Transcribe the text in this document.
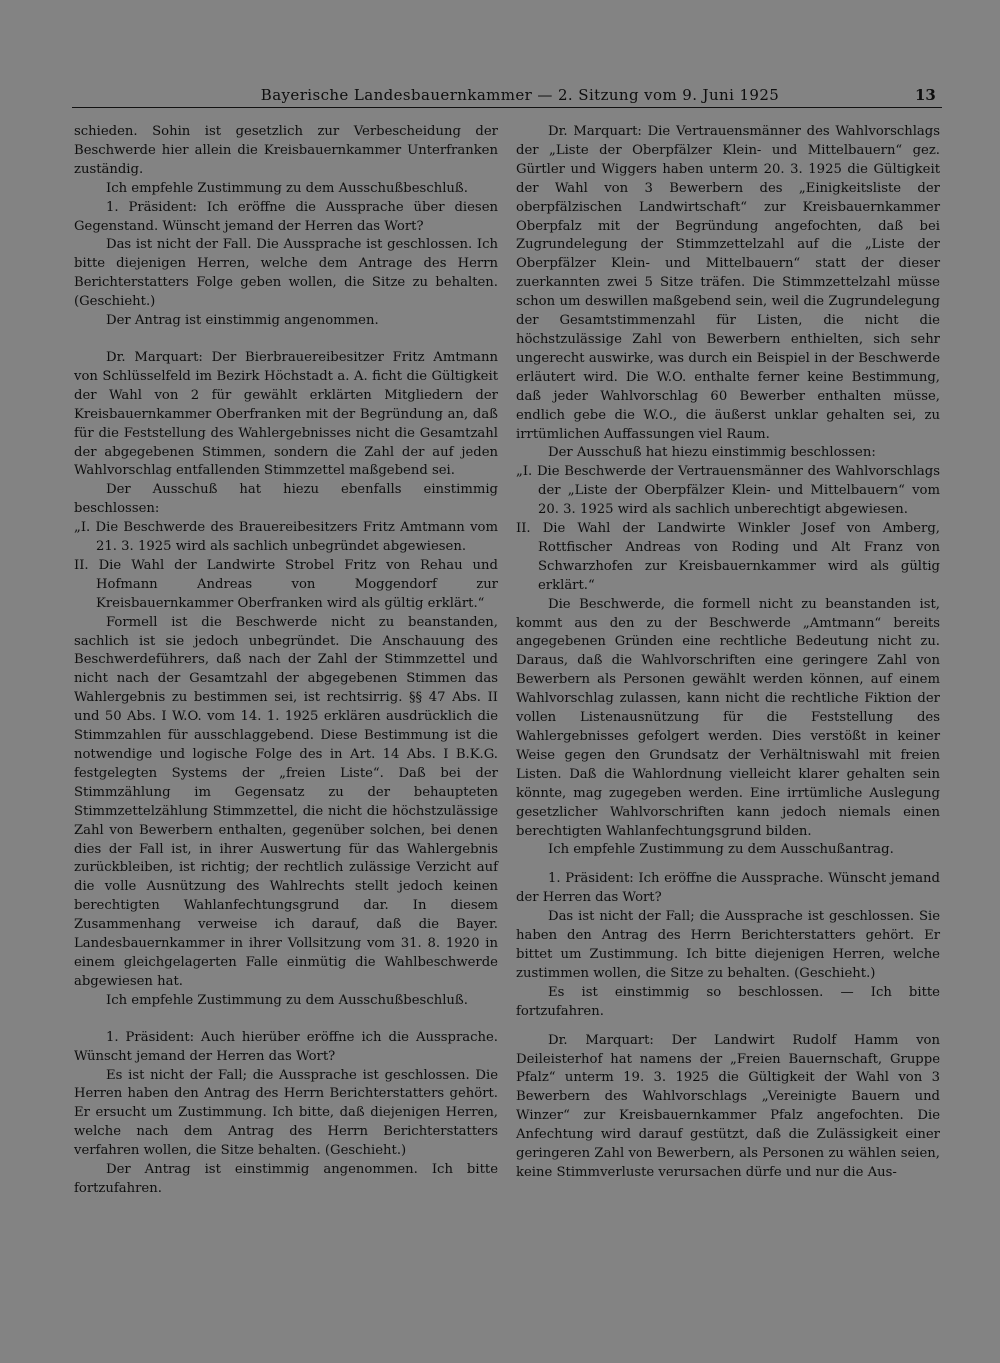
Bayerische Landesbauernkammer — 2. Sitzung vom 9. Juni 1925	13

schieden. Sohin ist gesetzlich zur Verbescheidung der Beschwerde hier allein die Kreisbauernkammer Unterfranken zuständig.

Ich empfehle Zustimmung zu dem Ausschußbeschluß.

1. Präsident: Ich eröffne die Aussprache über diesen Gegenstand. Wünscht jemand der Herren das Wort?

Das ist nicht der Fall. Die Aussprache ist geschlossen. Ich bitte diejenigen Herren, welche dem Antrage des Herrn Berichterstatters Folge geben wollen, die Sitze zu behalten. (Geschieht.)

Der Antrag ist einstimmig angenommen.

Dr. Marquart: Der Bierbrauereibesitzer Fritz Amtmann von Schlüsselfeld im Bezirk Höchstadt a. A. ficht die Gültigkeit der Wahl von 2 für gewählt erklärten Mitgliedern der Kreisbauernkammer Oberfranken mit der Begründung an, daß für die Feststellung des Wahlergebnisses nicht die Gesamtzahl der abgegebenen Stimmen, sondern die Zahl der auf jeden Wahlvorschlag entfallenden Stimmzettel maßgebend sei.

Der Ausschuß hat hiezu ebenfalls einstimmig beschlossen:

„I. Die Beschwerde des Brauereibesitzers Fritz Amtmann vom 21. 3. 1925 wird als sachlich unbegründet abgewiesen.

II. Die Wahl der Landwirte Strobel Fritz von Rehau und Hofmann Andreas von Moggendorf zur Kreisbauernkammer Oberfranken wird als gültig erklärt.“

Formell ist die Beschwerde nicht zu beanstanden, sachlich ist sie jedoch unbegründet. Die Anschauung des Beschwerdeführers, daß nach der Zahl der Stimmzettel und nicht nach der Gesamtzahl der abgegebenen Stimmen das Wahlergebnis zu bestimmen sei, ist rechtsirrig. §§ 47 Abs. II und 50 Abs. I W.O. vom 14. 1. 1925 erklären ausdrücklich die Stimmzahlen für ausschlaggebend. Diese Bestimmung ist die notwendige und logische Folge des in Art. 14 Abs. I B.K.G. festgelegten Systems der „freien Liste“. Daß bei der Stimmzählung im Gegensatz zu der behaupteten Stimmzettelzählung Stimmzettel, die nicht die höchstzulässige Zahl von Bewerbern enthalten, gegenüber solchen, bei denen dies der Fall ist, in ihrer Auswertung für das Wahlergebnis zurückbleiben, ist richtig; der rechtlich zulässige Verzicht auf die volle Ausnützung des Wahlrechts stellt jedoch keinen berechtigten Wahlanfechtungsgrund dar. In diesem Zusammenhang verweise ich darauf, daß die Bayer. Landesbauernkammer in ihrer Vollsitzung vom 31. 8. 1920 in einem gleichgelagerten Falle einmütig die Wahlbeschwerde abgewiesen hat.

Ich empfehle Zustimmung zu dem Ausschußbeschluß.

1. Präsident: Auch hierüber eröffne ich die Aussprache. Wünscht jemand der Herren das Wort?

Es ist nicht der Fall; die Aussprache ist geschlossen. Die Herren haben den Antrag des Herrn Berichterstatters gehört. Er ersucht um Zustimmung. Ich bitte, daß diejenigen Herren, welche nach dem Antrag des Herrn Berichterstatters verfahren wollen, die Sitze behalten. (Geschieht.)

Der Antrag ist einstimmig angenommen. Ich bitte fortzufahren.

Dr. Marquart: Die Vertrauensmänner des Wahlvorschlags der „Liste der Oberpfälzer Klein- und Mittelbauern“ gez. Gürtler und Wiggers haben unterm 20. 3. 1925 die Gültigkeit der Wahl von 3 Bewerbern des „Einigkeitsliste der oberpfälzischen Landwirtschaft“ zur Kreisbauernkammer Oberpfalz mit der Begründung angefochten, daß bei Zugrundelegung der Stimmzettelzahl auf die „Liste der Oberpfälzer Klein- und Mittelbauern“ statt der dieser zuerkannten zwei 5 Sitze träfen. Die Stimmzettelzahl müsse schon um deswillen maßgebend sein, weil die Zugrundelegung der Gesamtstimmenzahl für Listen, die nicht die höchstzulässige Zahl von Bewerbern enthielten, sich sehr ungerecht auswirke, was durch ein Beispiel in der Beschwerde erläutert wird. Die W.O. enthalte ferner keine Bestimmung, daß jeder Wahlvorschlag 60 Bewerber enthalten müsse, endlich gebe die W.O., die äußerst unklar gehalten sei, zu irrtümlichen Auffassungen viel Raum.

Der Ausschuß hat hiezu einstimmig beschlossen:

„I. Die Beschwerde der Vertrauensmänner des Wahlvorschlags der „Liste der Oberpfälzer Klein- und Mittelbauern“ vom 20. 3. 1925 wird als sachlich unberechtigt abgewiesen.

II. Die Wahl der Landwirte Winkler Josef von Amberg, Rottfischer Andreas von Roding und Alt Franz von Schwarzhofen zur Kreisbauernkammer wird als gültig erklärt.“

Die Beschwerde, die formell nicht zu beanstanden ist, kommt aus den zu der Beschwerde „Amtmann“ bereits angegebenen Gründen eine rechtliche Bedeutung nicht zu. Daraus, daß die Wahlvorschriften eine geringere Zahl von Bewerbern als Personen gewählt werden können, auf einem Wahlvorschlag zulassen, kann nicht die rechtliche Fiktion der vollen Listenausnützung für die Feststellung des Wahlergebnisses gefolgert werden. Dies verstößt in keiner Weise gegen den Grundsatz der Verhältniswahl mit freien Listen. Daß die Wahlordnung vielleicht klarer gehalten sein könnte, mag zugegeben werden. Eine irrtümliche Auslegung gesetzlicher Wahlvorschriften kann jedoch niemals einen berechtigten Wahlanfechtungsgrund bilden.

Ich empfehle Zustimmung zu dem Ausschußantrag.

1. Präsident: Ich eröffne die Aussprache. Wünscht jemand der Herren das Wort?

Das ist nicht der Fall; die Aussprache ist geschlossen. Sie haben den Antrag des Herrn Berichterstatters gehört. Er bittet um Zustimmung. Ich bitte diejenigen Herren, welche zustimmen wollen, die Sitze zu behalten. (Geschieht.)

Es ist einstimmig so beschlossen. — Ich bitte fortzufahren.

Dr. Marquart: Der Landwirt Rudolf Hamm von Deileisterhof hat namens der „Freien Bauernschaft, Gruppe Pfalz“ unterm 19. 3. 1925 die Gültigkeit der Wahl von 3 Bewerbern des Wahlvorschlags „Vereinigte Bauern und Winzer“ zur Kreisbauernkammer Pfalz angefochten. Die Anfechtung wird darauf gestützt, daß die Zulässigkeit einer geringeren Zahl von Bewerbern, als Personen zu wählen seien, keine Stimmverluste verursachen dürfe und nur die Aus-
